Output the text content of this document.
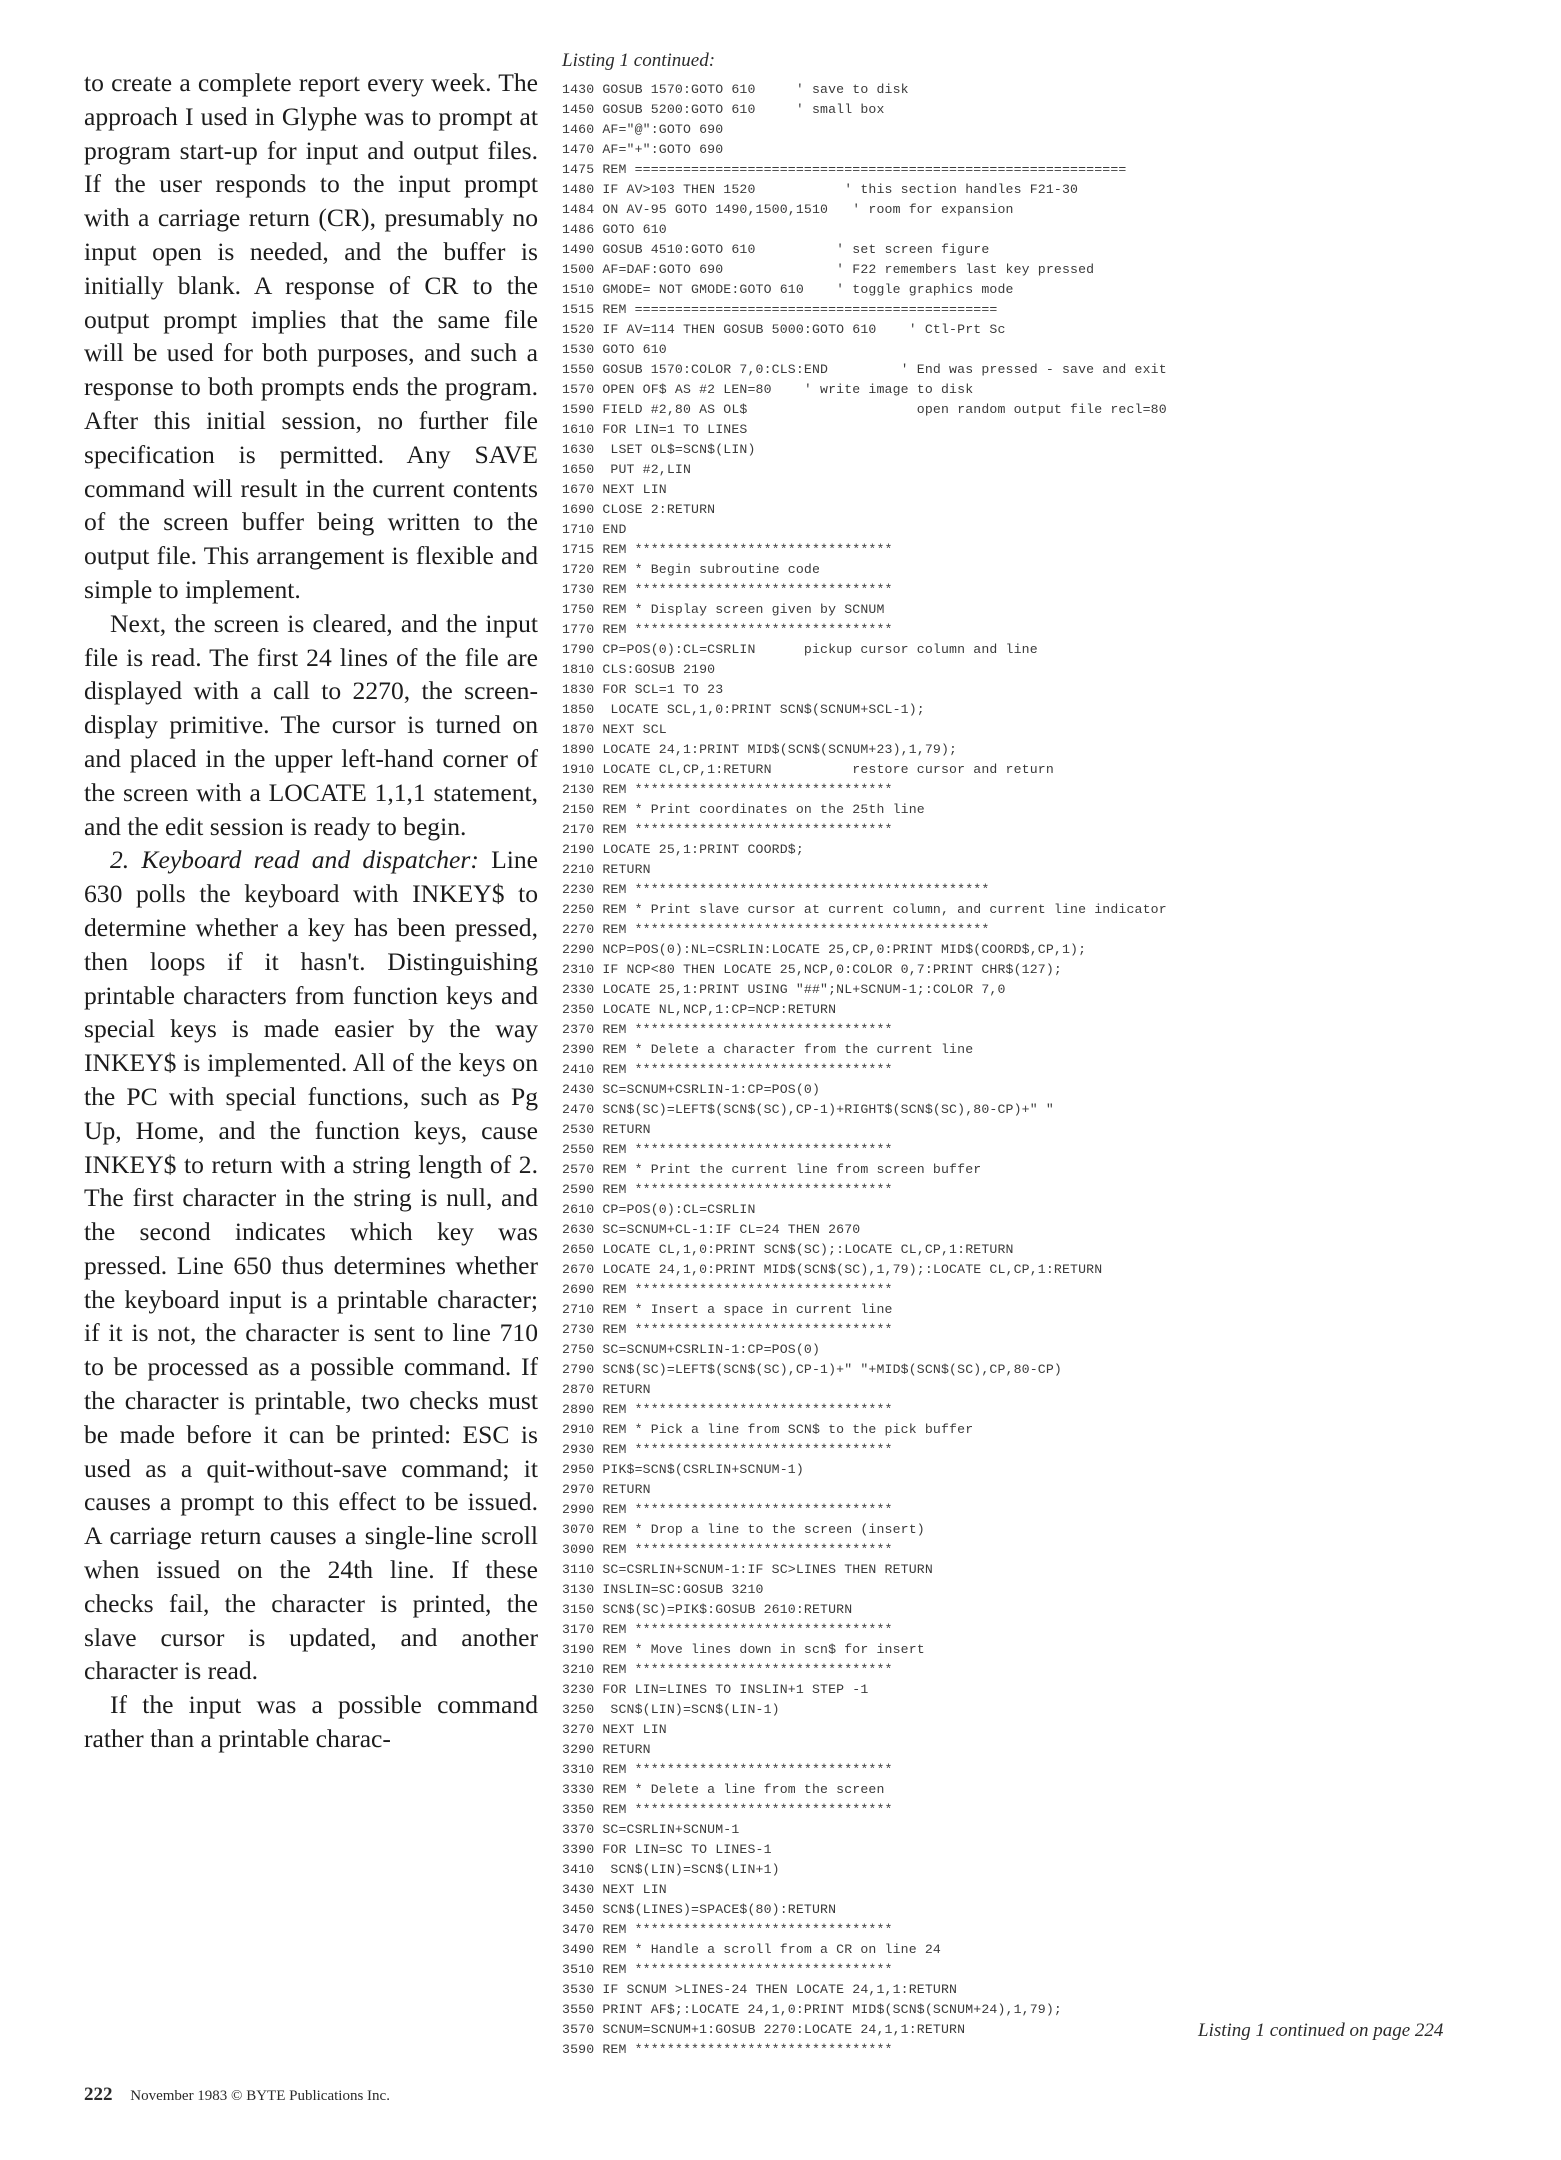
to create a complete report every week. The approach I used in Glyphe was to prompt at program start-up for input and output files. If the user responds to the input prompt with a carriage return (CR), presumably no input open is needed, and the buffer is initially blank. A response of CR to the output prompt implies that the same file will be used for both purposes, and such a response to both prompts ends the program. After this initial session, no further file specification is permitted. Any SAVE command will result in the current contents of the screen buffer being written to the output file. This arrangement is flexible and simple to implement.

Next, the screen is cleared, and the input file is read. The first 24 lines of the file are displayed with a call to 2270, the screen-display primitive. The cursor is turned on and placed in the upper left-hand corner of the screen with a LOCATE 1,1,1 statement, and the edit session is ready to begin.

2. Keyboard read and dispatcher: Line 630 polls the keyboard with INKEY$ to determine whether a key has been pressed, then loops if it hasn't. Distinguishing printable characters from function keys and special keys is made easier by the way INKEY$ is implemented. All of the keys on the PC with special functions, such as Pg Up, Home, and the function keys, cause INKEY$ to return with a string length of 2. The first character in the string is null, and the second indicates which key was pressed. Line 650 thus determines whether the keyboard input is a printable character; if it is not, the character is sent to line 710 to be processed as a possible command. If the character is printable, two checks must be made before it can be printed: ESC is used as a quit-without-save command; it causes a prompt to this effect to be issued. A carriage return causes a single-line scroll when issued on the 24th line. If these checks fail, the character is printed, the slave cursor is updated, and another character is read.

If the input was a possible command rather than a printable charac-

Listing 1 continued:
1430 GOSUB 1570:GOTO 610     ' save to disk
1450 GOSUB 5200:GOTO 610     ' small box
1460 AF="@":GOTO 690
1470 AF="+":GOTO 690
1475 REM =============================================================
1480 IF AV>103 THEN 1520           ' this section handles F21-30
1484 ON AV-95 GOTO 1490,1500,1510   ' room for expansion
1486 GOTO 610
1490 GOSUB 4510:GOTO 610          ' set screen figure
1500 AF=DAF:GOTO 690              ' F22 remembers last key pressed
1510 GMODE= NOT GMODE:GOTO 610    ' toggle graphics mode
1515 REM =============================================
1520 IF AV=114 THEN GOSUB 5000:GOTO 610    ' Ctl-Prt Sc
1530 GOTO 610
1550 GOSUB 1570:COLOR 7,0:CLS:END         ' End was pressed - save and exit
1570 OPEN OF$ AS #2 LEN=80    ' write image to disk
1590 FIELD #2,80 AS OL$                     open random output file recl=80
1610 FOR LIN=1 TO LINES
1630  LSET OL$=SCN$(LIN)
1650  PUT #2,LIN
1670 NEXT LIN
1690 CLOSE 2:RETURN
1710 END
1715 REM ********************************
1720 REM * Begin subroutine code
1730 REM ********************************
1750 REM * Display screen given by SCNUM
1770 REM ********************************
1790 CP=POS(0):CL=CSRLIN      pickup cursor column and line
1810 CLS:GOSUB 2190
1830 FOR SCL=1 TO 23
1850  LOCATE SCL,1,0:PRINT SCN$(SCNUM+SCL-1);
1870 NEXT SCL
1890 LOCATE 24,1:PRINT MID$(SCN$(SCNUM+23),1,79);
1910 LOCATE CL,CP,1:RETURN          restore cursor and return
2130 REM ********************************
2150 REM * Print coordinates on the 25th line
2170 REM ********************************
2190 LOCATE 25,1:PRINT COORD$;
2210 RETURN
2230 REM ********************************************
2250 REM * Print slave cursor at current column, and current line indicator
2270 REM ********************************************
2290 NCP=POS(0):NL=CSRLIN:LOCATE 25,CP,0:PRINT MID$(COORD$,CP,1);
2310 IF NCP<80 THEN LOCATE 25,NCP,0:COLOR 0,7:PRINT CHR$(127);
2330 LOCATE 25,1:PRINT USING "##";NL+SCNUM-1;:COLOR 7,0
2350 LOCATE NL,NCP,1:CP=NCP:RETURN
2370 REM ********************************
2390 REM * Delete a character from the current line
2410 REM ********************************
2430 SC=SCNUM+CSRLIN-1:CP=POS(0)
2470 SCN$(SC)=LEFT$(SCN$(SC),CP-1)+RIGHT$(SCN$(SC),80-CP)+" "
2530 RETURN
2550 REM ********************************
2570 REM * Print the current line from screen buffer
2590 REM ********************************
2610 CP=POS(0):CL=CSRLIN
2630 SC=SCNUM+CL-1:IF CL=24 THEN 2670
2650 LOCATE CL,1,0:PRINT SCN$(SC);:LOCATE CL,CP,1:RETURN
2670 LOCATE 24,1,0:PRINT MID$(SCN$(SC),1,79);:LOCATE CL,CP,1:RETURN
2690 REM ********************************
2710 REM * Insert a space in current line
2730 REM ********************************
2750 SC=SCNUM+CSRLIN-1:CP=POS(0)
2790 SCN$(SC)=LEFT$(SCN$(SC),CP-1)+" "+MID$(SCN$(SC),CP,80-CP)
2870 RETURN
2890 REM ********************************
2910 REM * Pick a line from SCN$ to the pick buffer
2930 REM ********************************
2950 PIK$=SCN$(CSRLIN+SCNUM-1)
2970 RETURN
2990 REM ********************************
3070 REM * Drop a line to the screen (insert)
3090 REM ********************************
3110 SC=CSRLIN+SCNUM-1:IF SC>LINES THEN RETURN
3130 INSLIN=SC:GOSUB 3210
3150 SCN$(SC)=PIK$:GOSUB 2610:RETURN
3170 REM ********************************
3190 REM * Move lines down in scn$ for insert
3210 REM ********************************
3230 FOR LIN=LINES TO INSLIN+1 STEP -1
3250  SCN$(LIN)=SCN$(LIN-1)
3270 NEXT LIN
3290 RETURN
3310 REM ********************************
3330 REM * Delete a line from the screen
3350 REM ********************************
3370 SC=CSRLIN+SCNUM-1
3390 FOR LIN=SC TO LINES-1
3410  SCN$(LIN)=SCN$(LIN+1)
3430 NEXT LIN
3450 SCN$(LINES)=SPACE$(80):RETURN
3470 REM ********************************
3490 REM * Handle a scroll from a CR on line 24
3510 REM ********************************
3530 IF SCNUM >LINES-24 THEN LOCATE 24,1,1:RETURN
3550 PRINT AF$;:LOCATE 24,1,0:PRINT MID$(SCN$(SCNUM+24),1,79);
3570 SCNUM=SCNUM+1:GOSUB 2270:LOCATE 24,1,1:RETURN
3590 REM ********************************
Listing 1 continued on page 224
222 November 1983 © BYTE Publications Inc.
